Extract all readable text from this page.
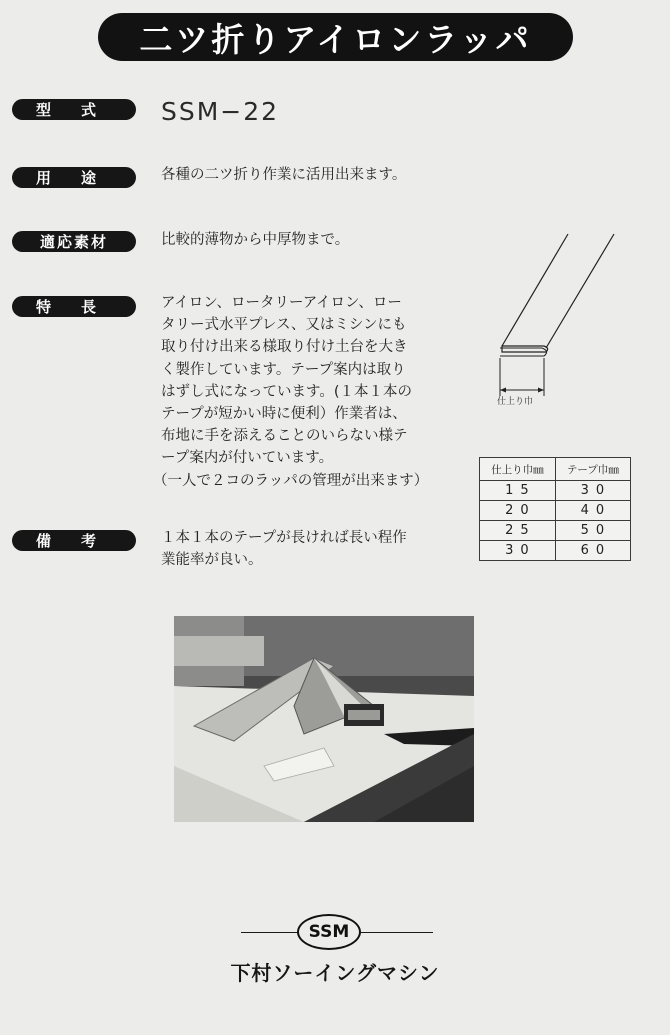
二ツ折りアイロンラッパ
型　　式	SSM−22
用　　途	各種の二ツ折り作業に活用出来ます。
適応素材	比較的薄物から中厚物まで。
特　　長	アイロン、ロータリーアイロン、ロー
タリー式水平プレス、又はミシンにも
取り付け出来る様取り付け土台を大き
く製作しています。テープ案内は取り
はずし式になっています。(１本１本の
テープが短かい時に便利）作業者は、
布地に手を添えることのいらない様テ
ープ案内が付いています。
（一人で２コのラッパの管理が出来ます）
備　　考	１本１本のテープが長ければ長い程作
業能率が良い。
仕上り巾
仕上り巾㎜	テープ巾㎜
15	30
20	40
25	50
30	60
SSM
下村ソーイングマシン
